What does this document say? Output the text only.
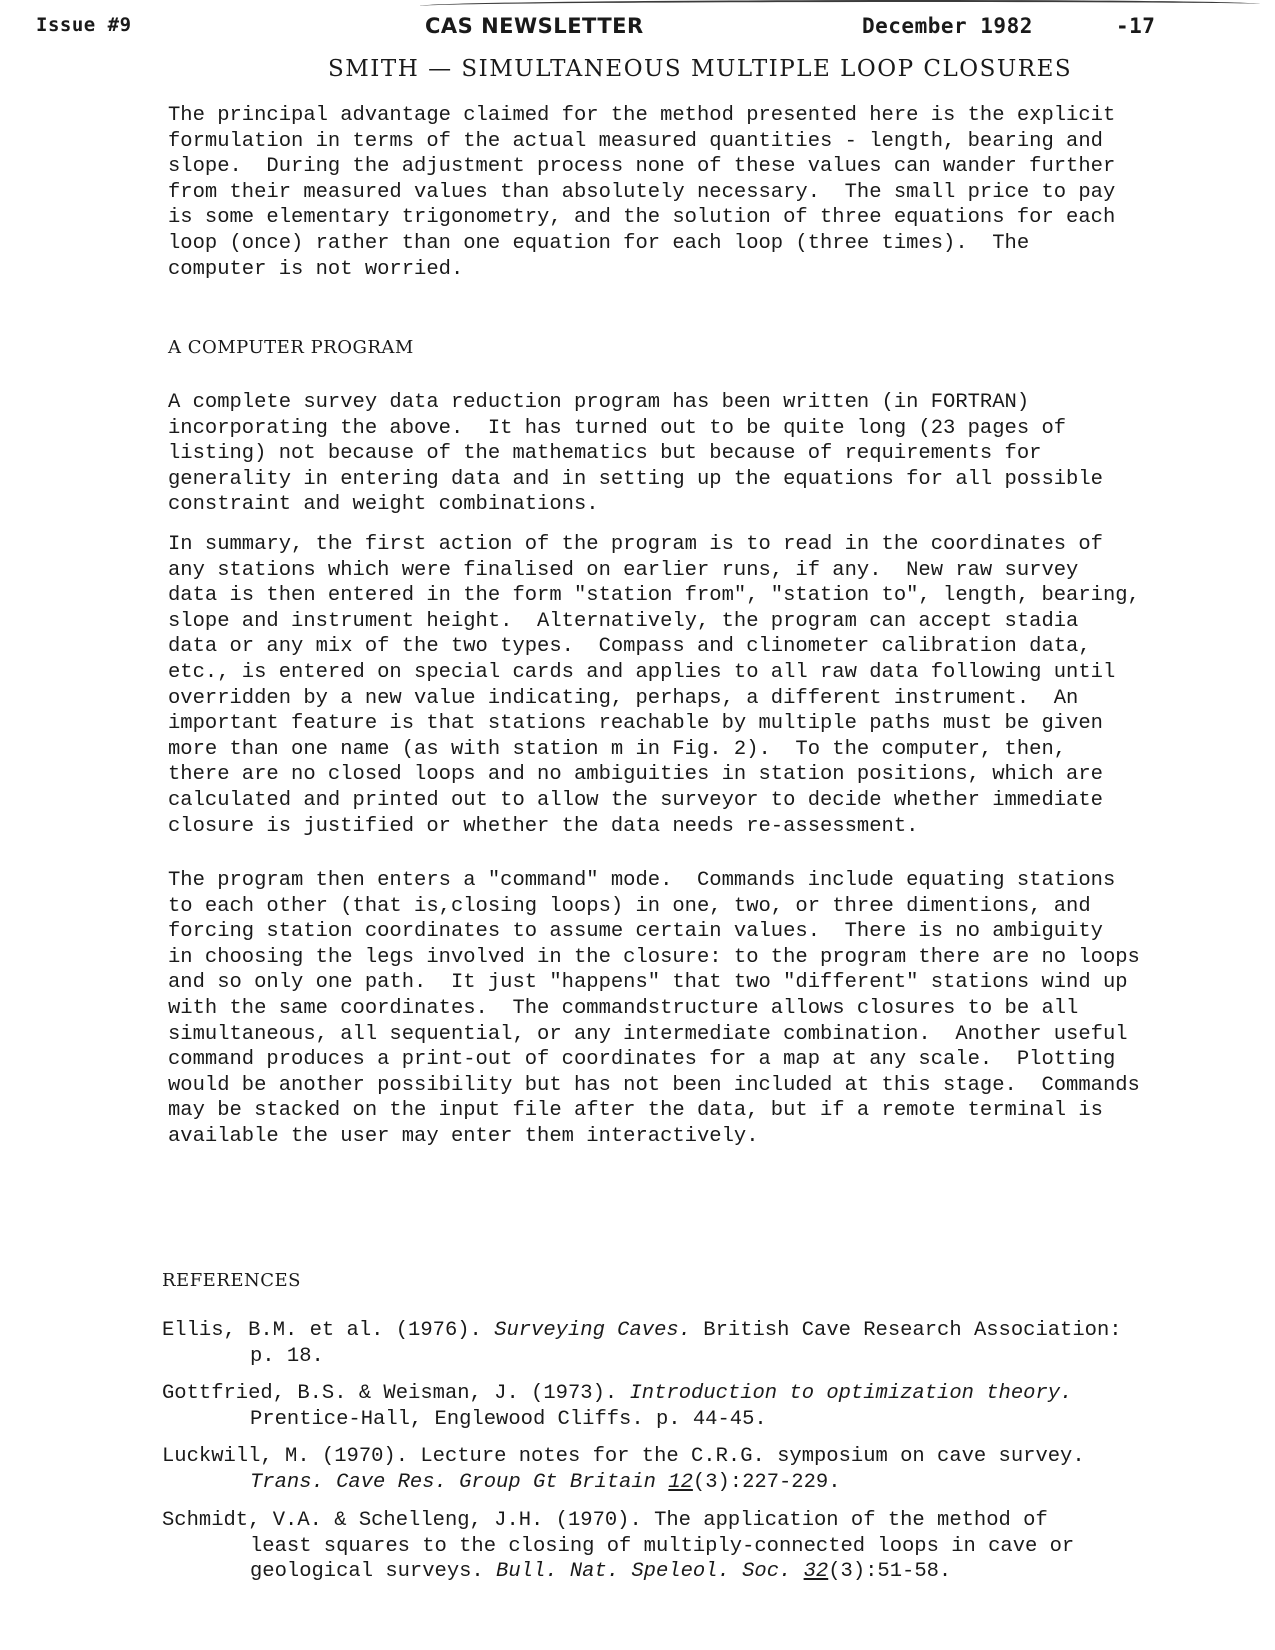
Issue #9	CAS NEWSLETTER	December 1982	-17
SMITH — SIMULTANEOUS MULTIPLE LOOP CLOSURES

The principal advantage claimed for the method presented here is the explicit
formulation in terms of the actual measured quantities - length, bearing and
slope.  During the adjustment process none of these values can wander further
from their measured values than absolutely necessary.  The small price to pay
is some elementary trigonometry, and the solution of three equations for each
loop (once) rather than one equation for each loop (three times).  The
computer is not worried.

A COMPUTER PROGRAM

A complete survey data reduction program has been written (in FORTRAN)
incorporating the above.  It has turned out to be quite long (23 pages of
listing) not because of the mathematics but because of requirements for
generality in entering data and in setting up the equations for all possible
constraint and weight combinations.

In summary, the first action of the program is to read in the coordinates of
any stations which were finalised on earlier runs, if any.  New raw survey
data is then entered in the form "station from", "station to", length, bearing,
slope and instrument height.  Alternatively, the program can accept stadia
data or any mix of the two types.  Compass and clinometer calibration data,
etc., is entered on special cards and applies to all raw data following until
overridden by a new value indicating, perhaps, a different instrument.  An
important feature is that stations reachable by multiple paths must be given
more than one name (as with station m in Fig. 2).  To the computer, then,
there are no closed loops and no ambiguities in station positions, which are
calculated and printed out to allow the surveyor to decide whether immediate
closure is justified or whether the data needs re-assessment.

The program then enters a "command" mode.  Commands include equating stations
to each other (that is,closing loops) in one, two, or three dimentions, and
forcing station coordinates to assume certain values.  There is no ambiguity
in choosing the legs involved in the closure: to the program there are no loops
and so only one path.  It just "happens" that two "different" stations wind up
with the same coordinates.  The commandstructure allows closures to be all
simultaneous, all sequential, or any intermediate combination.  Another useful
command produces a print-out of coordinates for a map at any scale.  Plotting
would be another possibility but has not been included at this stage.  Commands
may be stacked on the input file after the data, but if a remote terminal is
available the user may enter them interactively.

REFERENCES
Ellis, B.M. et al. (1976). Surveying Caves. British Cave Research Association:
p. 18.
Gottfried, B.S. & Weisman, J. (1973). Introduction to optimization theory.
Prentice-Hall, Englewood Cliffs. p. 44-45.
Luckwill, M. (1970). Lecture notes for the C.R.G. symposium on cave survey.
Trans. Cave Res. Group Gt Britain 12(3):227-229.
Schmidt, V.A. & Schelleng, J.H. (1970). The application of the method of
least squares to the closing of multiply-connected loops in cave or
geological surveys. Bull. Nat. Speleol. Soc. 32(3):51-58.
